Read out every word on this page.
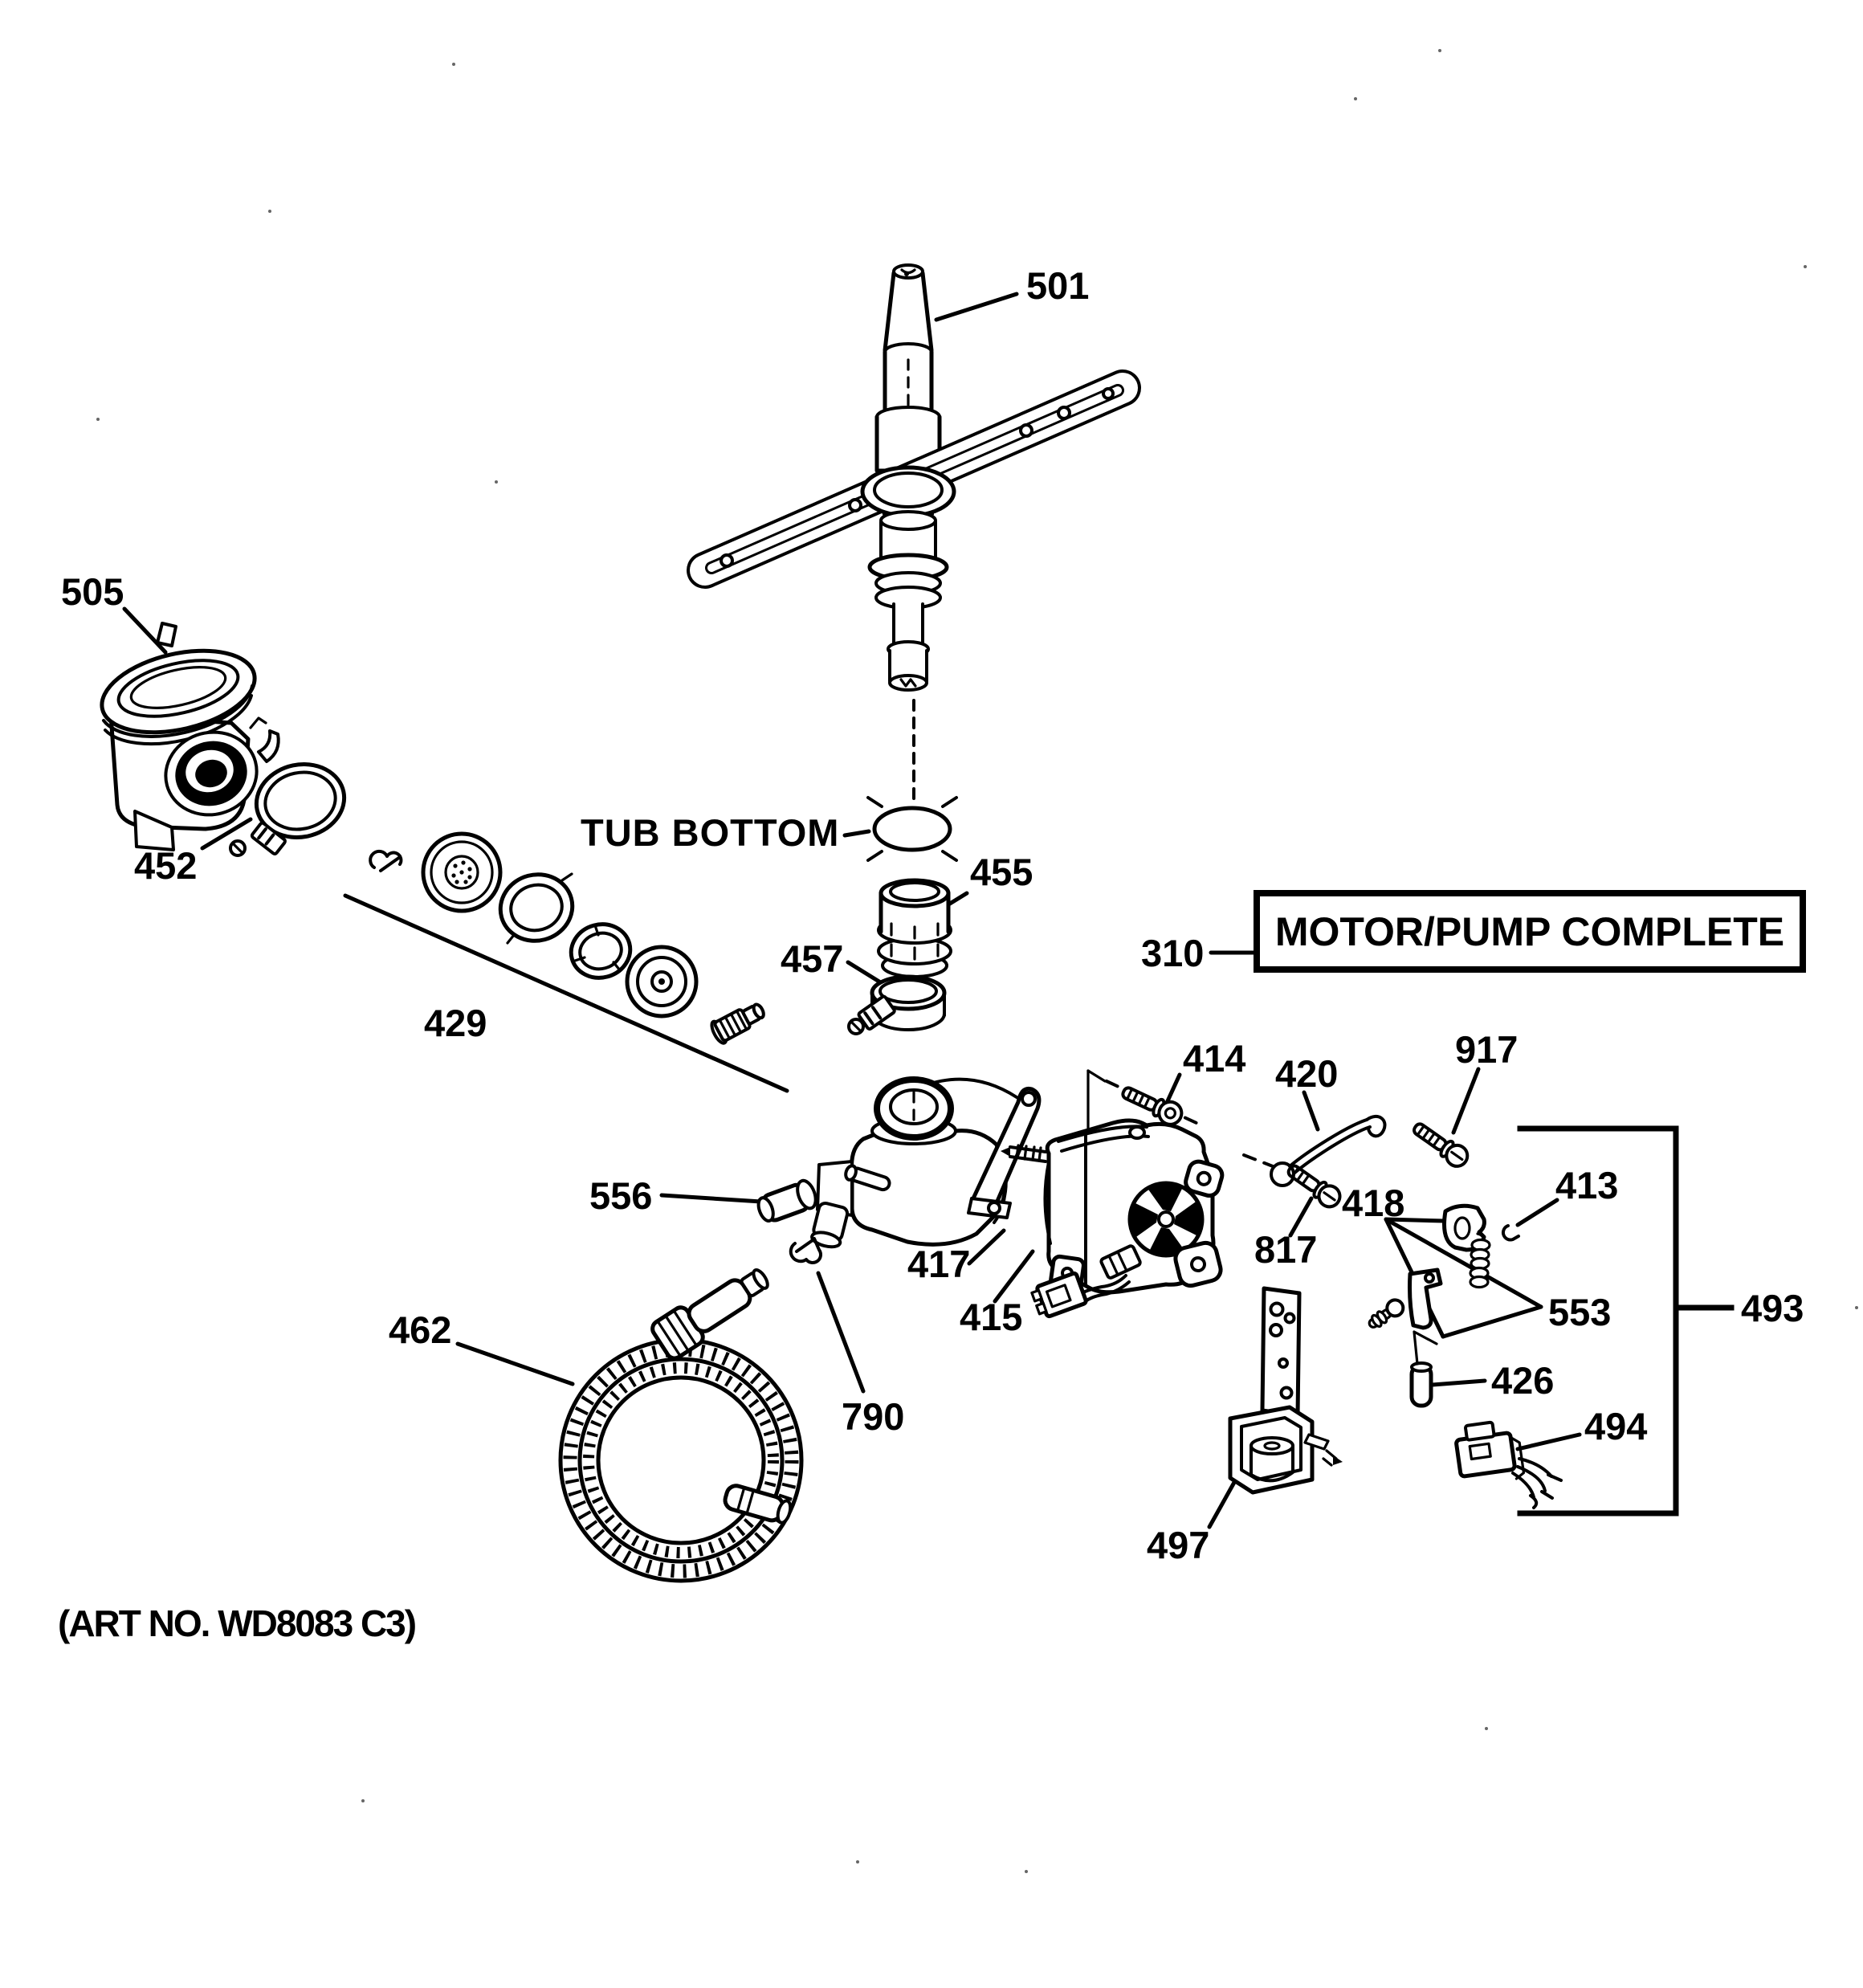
MOTOR/PUMP COMPLETE
501
505
452
429
TUB BOTTOM
455
457	310
414 420
917
413
418
556
417
415
817
553	493
462
790
426
494
497
(ART NO. WD8083 C3)
